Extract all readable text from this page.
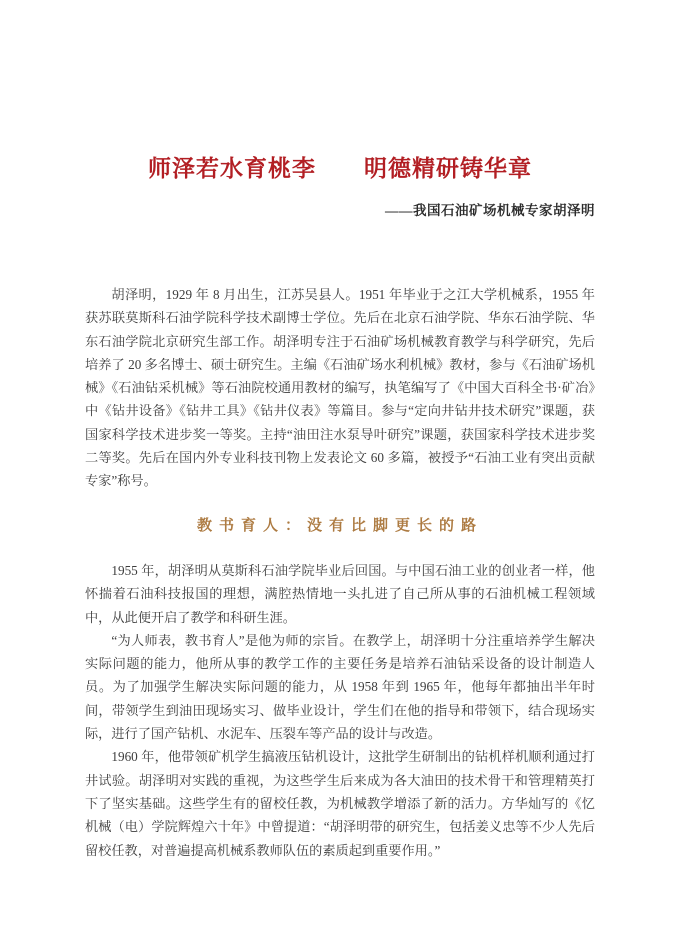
师泽若水育桃李　　明德精研铸华章
——我国石油矿场机械专家胡泽明

胡泽明，1929 年 8 月出生，江苏吴县人。1951 年毕业于之江大学机械系，1955 年获苏联莫斯科石油学院科学技术副博士学位。先后在北京石油学院、华东石油学院、华东石油学院北京研究生部工作。胡泽明专注于石油矿场机械教育教学与科学研究，先后培养了 20 多名博士、硕士研究生。主编《石油矿场水利机械》教材，参与《石油矿场机械》《石油钻采机械》等石油院校通用教材的编写，执笔编写了《中国大百科全书·矿冶》中《钻井设备》《钻井工具》《钻井仪表》等篇目。参与“定向井钻井技术研究”课题，获国家科学技术进步奖一等奖。主持“油田注水泵导叶研究”课题，获国家科学技术进步奖二等奖。先后在国内外专业科技刊物上发表论文 60 多篇，被授予“石油工业有突出贡献专家”称号。

教书育人：没有比脚更长的路

1955 年，胡泽明从莫斯科石油学院毕业后回国。与中国石油工业的创业者一样，他怀揣着石油科技报国的理想，满腔热情地一头扎进了自己所从事的石油机械工程领域中，从此便开启了教学和科研生涯。

“为人师表，教书育人”是他为师的宗旨。在教学上，胡泽明十分注重培养学生解决实际问题的能力，他所从事的教学工作的主要任务是培养石油钻采设备的设计制造人员。为了加强学生解决实际问题的能力，从 1958 年到 1965 年，他每年都抽出半年时间，带领学生到油田现场实习、做毕业设计，学生们在他的指导和带领下，结合现场实际，进行了国产钻机、水泥车、压裂车等产品的设计与改造。

1960 年，他带领矿机学生搞液压钻机设计，这批学生研制出的钻机样机顺利通过打井试验。胡泽明对实践的重视，为这些学生后来成为各大油田的技术骨干和管理精英打下了坚实基础。这些学生有的留校任教，为机械教学增添了新的活力。方华灿写的《忆机械（电）学院辉煌六十年》中曾提道：“胡泽明带的研究生，包括姜义忠等不少人先后留校任教，对普遍提高机械系教师队伍的素质起到重要作用。”
